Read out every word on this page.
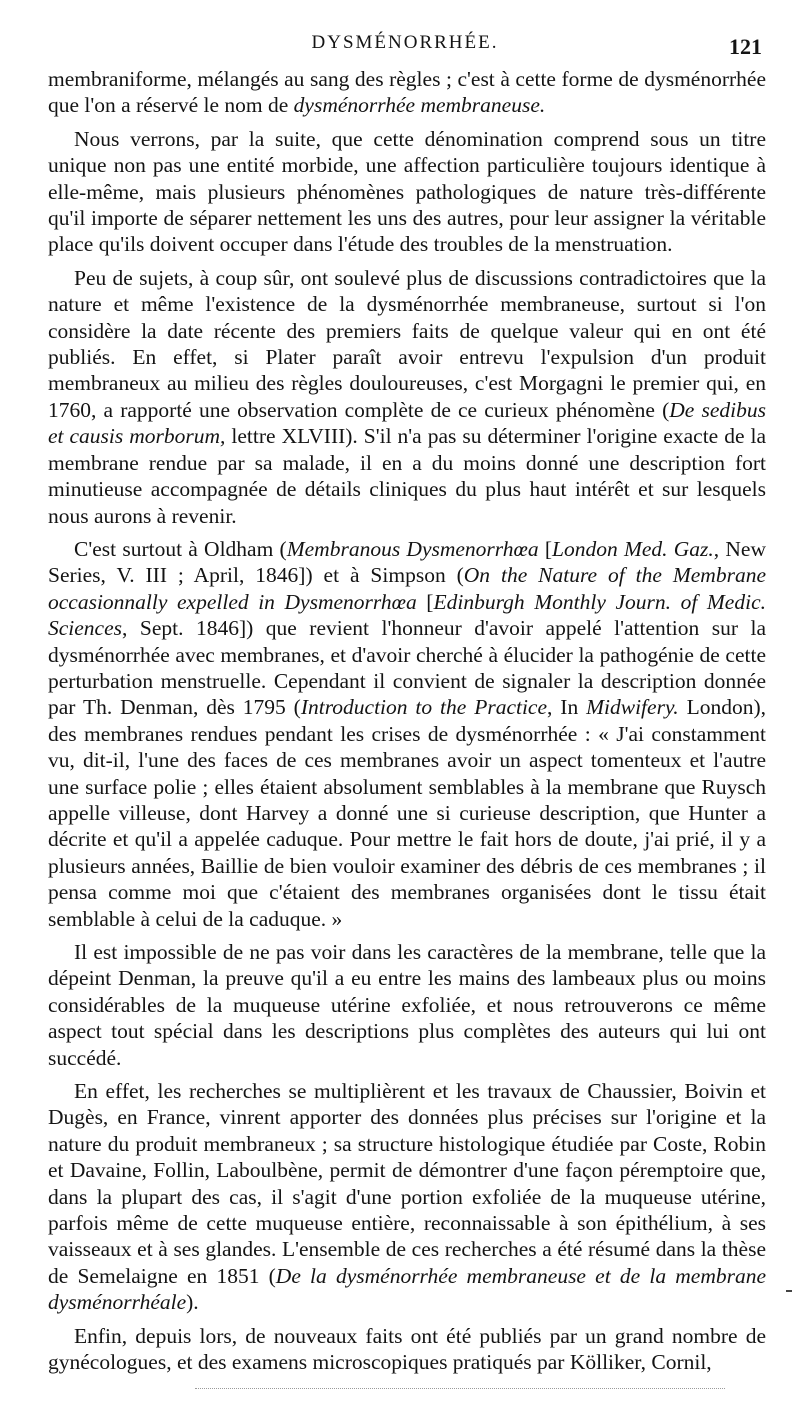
DYSMÉNORRHÉE.	121

membraniforme, mélangés au sang des règles ; c'est à cette forme de dysménorrhée que l'on a réservé le nom de dysménorrhée membraneuse.

Nous verrons, par la suite, que cette dénomination comprend sous un titre unique non pas une entité morbide, une affection particulière toujours identique à elle-même, mais plusieurs phénomènes pathologiques de nature très-différente qu'il importe de séparer nettement les uns des autres, pour leur assigner la véritable place qu'ils doivent occuper dans l'étude des troubles de la menstruation.

Peu de sujets, à coup sûr, ont soulevé plus de discussions contradictoires que la nature et même l'existence de la dysménorrhée membraneuse, surtout si l'on considère la date récente des premiers faits de quelque valeur qui en ont été publiés. En effet, si Plater paraît avoir entrevu l'expulsion d'un produit membraneux au milieu des règles douloureuses, c'est Morgagni le premier qui, en 1760, a rapporté une observation complète de ce curieux phénomène (De sedibus et causis morborum, lettre XLVIII). S'il n'a pas su déterminer l'origine exacte de la membrane rendue par sa malade, il en a du moins donné une description fort minutieuse accompagnée de détails cliniques du plus haut intérêt et sur lesquels nous aurons à revenir.

C'est surtout à Oldham (Membranous Dysmenorrhœa [London Med. Gaz., New Series, V. III ; April, 1846]) et à Simpson (On the Nature of the Membrane occasionnally expelled in Dysmenorrhœa [Edinburgh Monthly Journ. of Medic. Sciences, Sept. 1846]) que revient l'honneur d'avoir appelé l'attention sur la dysménorrhée avec membranes, et d'avoir cherché à élucider la pathogénie de cette perturbation menstruelle. Cependant il convient de signaler la description donnée par Th. Denman, dès 1795 (Introduction to the Practice, In Midwifery. London), des membranes rendues pendant les crises de dysménorrhée : « J'ai constamment vu, dit-il, l'une des faces de ces membranes avoir un aspect tomenteux et l'autre une surface polie ; elles étaient absolument semblables à la membrane que Ruysch appelle villeuse, dont Harvey a donné une si curieuse description, que Hunter a décrite et qu'il a appelée caduque. Pour mettre le fait hors de doute, j'ai prié, il y a plusieurs années, Baillie de bien vouloir examiner des débris de ces membranes ; il pensa comme moi que c'étaient des membranes organisées dont le tissu était semblable à celui de la caduque. »

Il est impossible de ne pas voir dans les caractères de la membrane, telle que la dépeint Denman, la preuve qu'il a eu entre les mains des lambeaux plus ou moins considérables de la muqueuse utérine exfoliée, et nous retrouverons ce même aspect tout spécial dans les descriptions plus complètes des auteurs qui lui ont succédé.

En effet, les recherches se multiplièrent et les travaux de Chaussier, Boivin et Dugès, en France, vinrent apporter des données plus précises sur l'origine et la nature du produit membraneux ; sa structure histologique étudiée par Coste, Robin et Davaine, Follin, Laboulbène, permit de démontrer d'une façon péremptoire que, dans la plupart des cas, il s'agit d'une portion exfoliée de la muqueuse utérine, parfois même de cette muqueuse entière, reconnaissable à son épithélium, à ses vaisseaux et à ses glandes. L'ensemble de ces recherches a été résumé dans la thèse de Semelaigne en 1851 (De la dysménorrhée membraneuse et de la membrane dysménorrhéale).

Enfin, depuis lors, de nouveaux faits ont été publiés par un grand nombre de gynécologues, et des examens microscopiques pratiqués par Kölliker, Cornil,
